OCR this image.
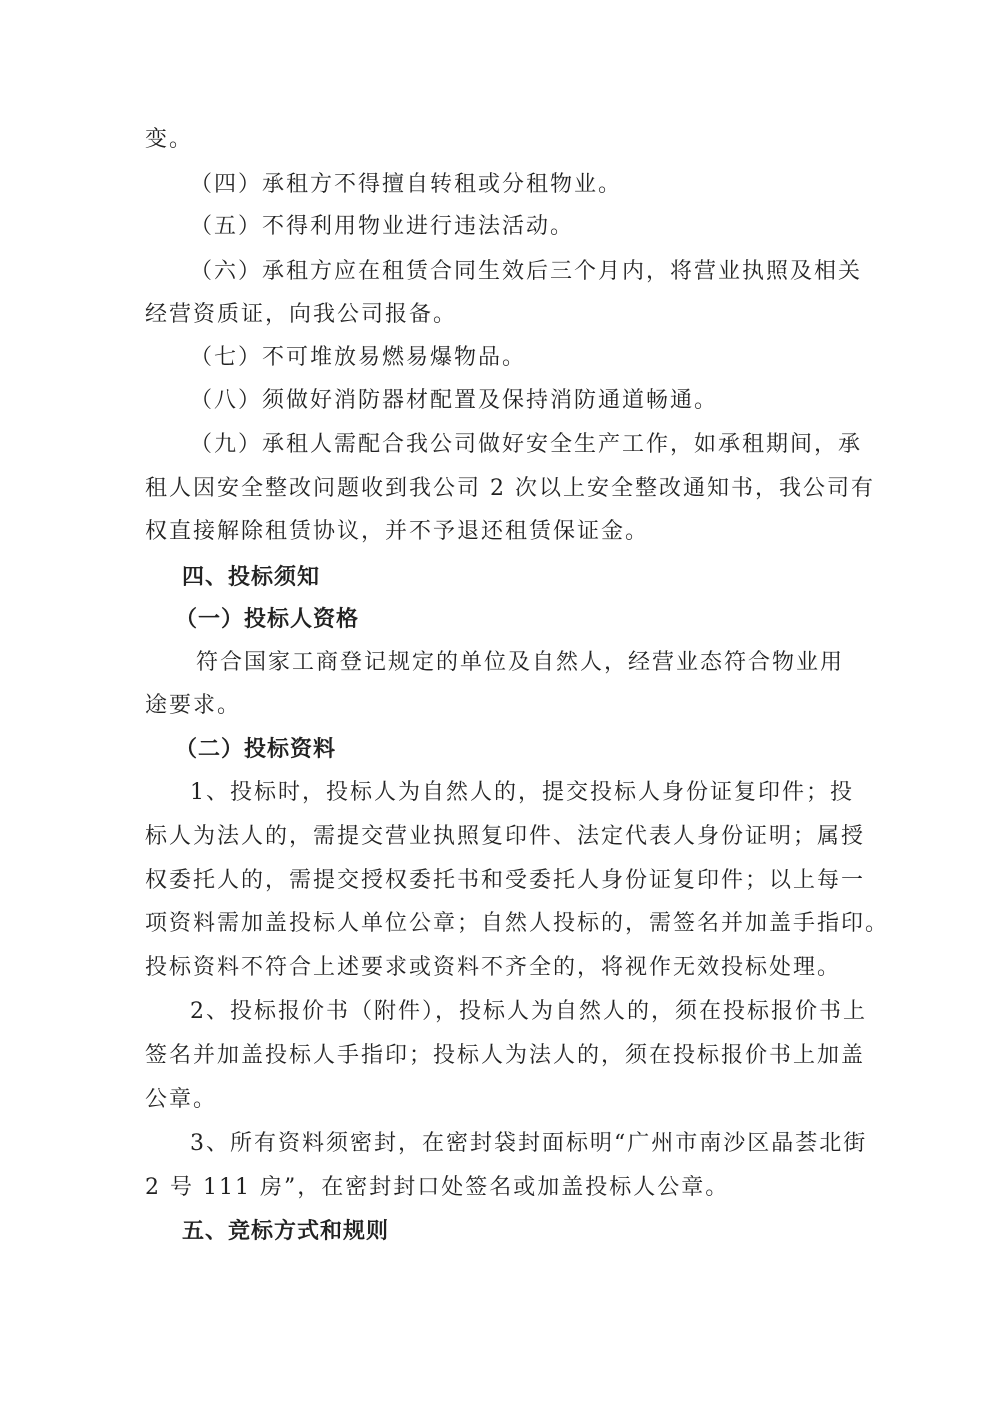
变。
（四）承租方不得擅自转租或分租物业。
（五）不得利用物业进行违法活动。
（六）承租方应在租赁合同生效后三个月内，将营业执照及相关
经营资质证，向我公司报备。
（七）不可堆放易燃易爆物品。
（八）须做好消防器材配置及保持消防通道畅通。
（九）承租人需配合我公司做好安全生产工作，如承租期间，承
租人因安全整改问题收到我公司 2 次以上安全整改通知书，我公司有
权直接解除租赁协议，并不予退还租赁保证金。
四、投标须知
（一）投标人资格
符合国家工商登记规定的单位及自然人，经营业态符合物业用
途要求。
（二）投标资料
1、投标时，投标人为自然人的，提交投标人身份证复印件；投
标人为法人的，需提交营业执照复印件、法定代表人身份证明；属授
权委托人的，需提交授权委托书和受委托人身份证复印件；以上每一
项资料需加盖投标人单位公章；自然人投标的，需签名并加盖手指印。
投标资料不符合上述要求或资料不齐全的，将视作无效投标处理。
2、投标报价书（附件），投标人为自然人的，须在投标报价书上
签名并加盖投标人手指印；投标人为法人的，须在投标报价书上加盖
公章。
3、所有资料须密封，在密封袋封面标明“广州市南沙区晶荟北街
2 号 111 房”，在密封封口处签名或加盖投标人公章。
五、竞标方式和规则
